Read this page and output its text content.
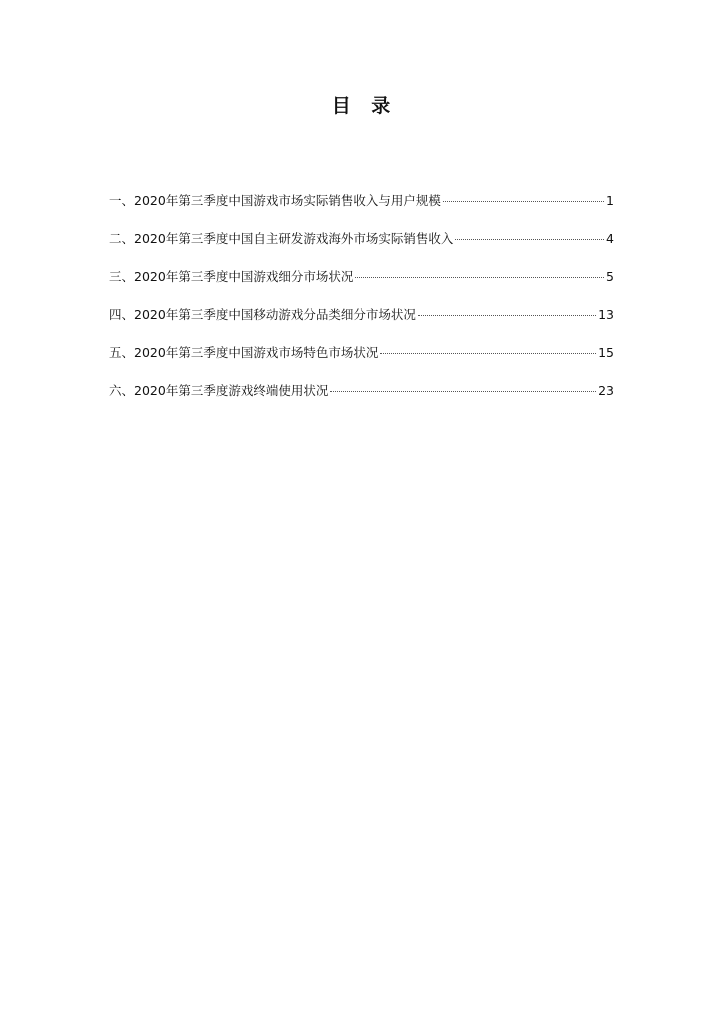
目 录
一、 2020年第三季度中国游戏市场实际销售收入与用户规模	1
二、 2020年第三季度中国自主研发游戏海外市场实际销售收入	4
三、 2020年第三季度中国游戏细分市场状况	5
四、 2020年第三季度中国移动游戏分品类细分市场状况	13
五、 2020年第三季度中国游戏市场特色市场状况	15
六、 2020年第三季度游戏终端使用状况	23
